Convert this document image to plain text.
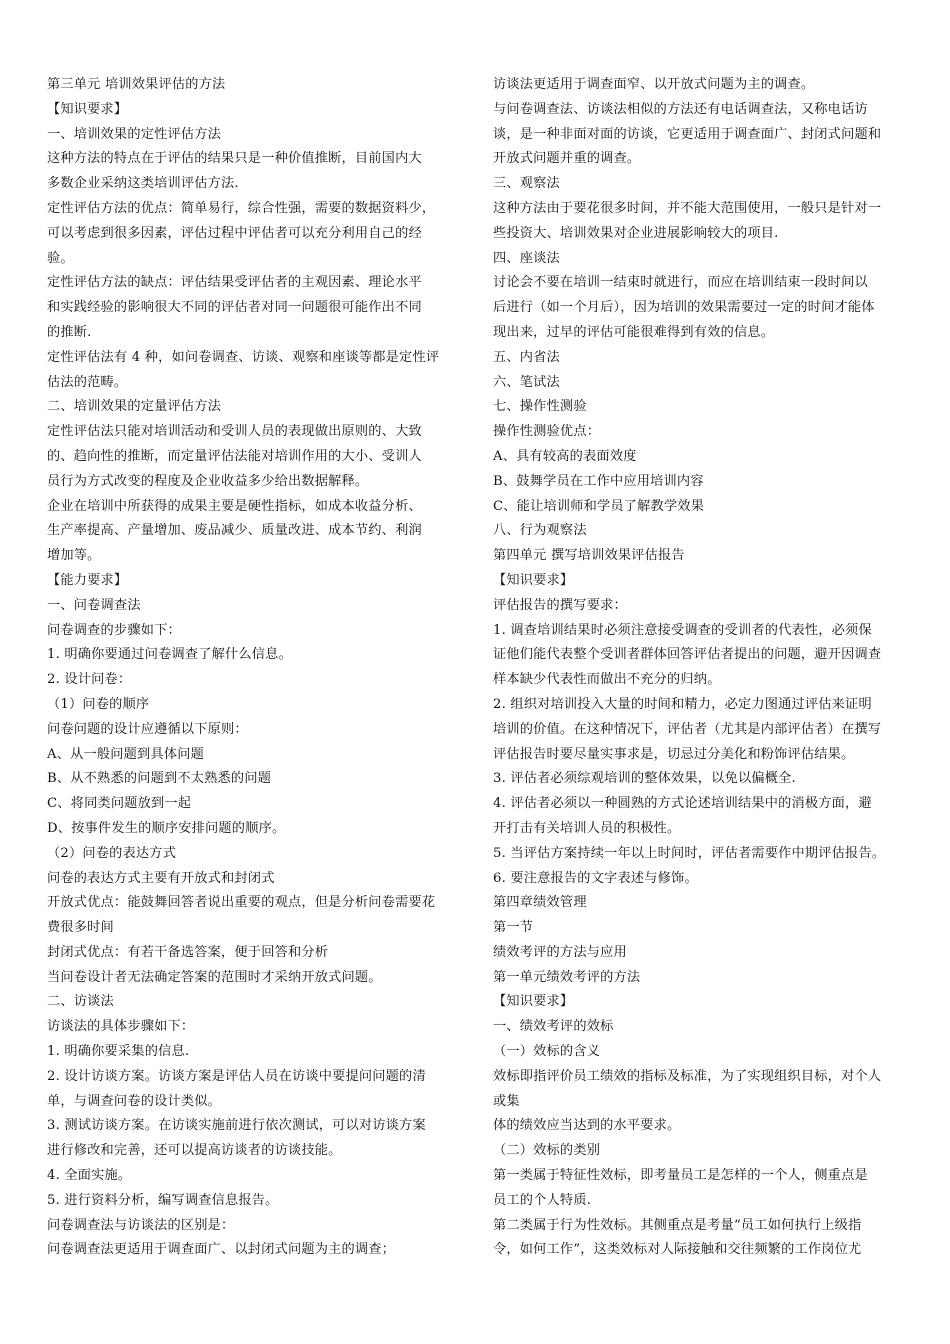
第三单元 培训效果评估的方法
【知识要求】
一、培训效果的定性评估方法
这种方法的特点在于评估的结果只是一种价值推断，目前国内大
多数企业采纳这类培训评估方法.
定性评估方法的优点：简单易行，综合性强，需要的数据资料少，
可以考虑到很多因素，评估过程中评估者可以充分利用自己的经
验。
定性评估方法的缺点：评估结果受评估者的主观因素、理论水平
和实践经验的影响很大不同的评估者对同一问题很可能作出不同
的推断.
定性评估法有 4 种，如问卷调查、访谈、观察和座谈等都是定性评
估法的范畴。
二、培训效果的定量评估方法
定性评估法只能对培训活动和受训人员的表现做出原则的、大致
的、趋向性的推断，而定量评估法能对培训作用的大小、受训人
员行为方式改变的程度及企业收益多少给出数据解释。
企业在培训中所获得的成果主要是硬性指标，如成本收益分析、
生产率提高、产量增加、废品减少、质量改进、成本节约、利润
增加等。
【能力要求】
一、问卷调查法
问卷调查的步骤如下：
1. 明确你要通过问卷调查了解什么信息。
2. 设计问卷：
（1）问卷的顺序
问卷问题的设计应遵循以下原则：
A、从一般问题到具体问题
B、从不熟悉的问题到不太熟悉的问题
C、将同类问题放到一起
D、按事件发生的顺序安排问题的顺序。
（2）问卷的表达方式
问卷的表达方式主要有开放式和封闭式
开放式优点：能鼓舞回答者说出重要的观点，但是分析问卷需要花
费很多时间
封闭式优点：有若干备选答案，便于回答和分析
当问卷设计者无法确定答案的范围时才采纳开放式问题。
二、访谈法
访谈法的具体步骤如下：
1. 明确你要采集的信息.
2. 设计访谈方案。访谈方案是评估人员在访谈中要提问问题的清
单，与调查问卷的设计类似。
3. 测试访谈方案。在访谈实施前进行依次测试，可以对访谈方案
进行修改和完善，还可以提高访谈者的访谈技能。
4. 全面实施。
5. 进行资料分析，编写调查信息报告。
问卷调查法与访谈法的区别是：
问卷调查法更适用于调查面广、以封闭式问题为主的调查；
访谈法更适用于调查面窄、以开放式问题为主的调查。
与问卷调查法、访谈法相似的方法还有电话调查法，又称电话访
谈，是一种非面对面的访谈，它更适用于调查面广、封闭式问题和
开放式问题并重的调查。
三、观察法
这种方法由于要花很多时间，并不能大范围使用，一般只是针对一
些投资大、培训效果对企业进展影响较大的项目.
四、座谈法
讨论会不要在培训一结束时就进行，而应在培训结束一段时间以
后进行（如一个月后），因为培训的效果需要过一定的时间才能体
现出来，过早的评估可能很难得到有效的信息。
五、内省法
六、笔试法
七、操作性测验
操作性测验优点：
A、具有较高的表面效度
B、鼓舞学员在工作中应用培训内容
C、能让培训师和学员了解教学效果
八、行为观察法
第四单元 撰写培训效果评估报告
【知识要求】
评估报告的撰写要求：
1. 调查培训结果时必须注意接受调查的受训者的代表性，必须保
证他们能代表整个受训者群体回答评估者提出的问题，避开因调查
样本缺少代表性而做出不充分的归纳。
2. 组织对培训投入大量的时间和精力，必定力图通过评估来证明
培训的价值。在这种情况下，评估者（尤其是内部评估者）在撰写
评估报告时要尽量实事求是，切忌过分美化和粉饰评估结果。
3. 评估者必须综观培训的整体效果，以免以偏概全.
4. 评估者必须以一种圆熟的方式论述培训结果中的消极方面，避
开打击有关培训人员的积极性。
5. 当评估方案持续一年以上时间时，评估者需要作中期评估报告。
6. 要注意报告的文字表述与修饰。
第四章绩效管理
第一节
绩效考评的方法与应用
第一单元绩效考评的方法
【知识要求】
一、绩效考评的效标
（一）效标的含义
效标即指评价员工绩效的指标及标准，为了实现组织目标，对个人
或集
体的绩效应当达到的水平要求。
（二）效标的类别
第一类属于特征性效标，即考量员工是怎样的一个人，侧重点是
员工的个人特质.
第二类属于行为性效标。其侧重点是考量“员工如何执行上级指
令，如何工作”，这类效标对人际接触和交往频繁的工作岗位尤
